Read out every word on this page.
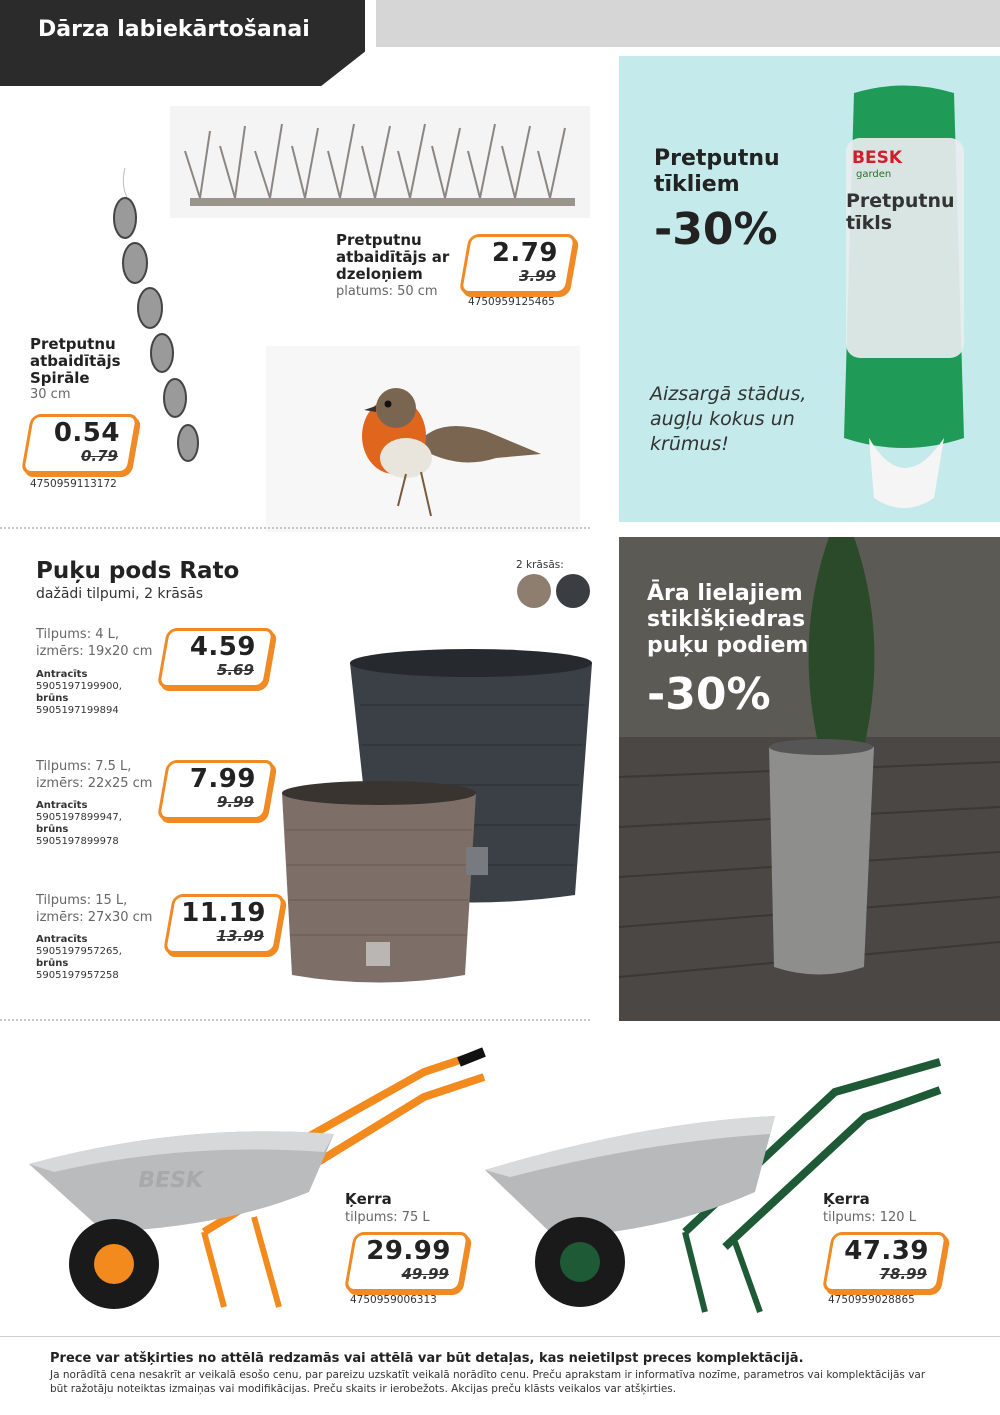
Dārza labiekārtošanai
Pretputnu atbaidītājs ar dzeloņiem
platums: 50 cm
2.79
3.99
4750959125465
Pretputnu atbaidītājs Spirāle
30 cm
0.54
0.79
4750959113172
Pretputnu tīkliem
-30%
Aizsargā stādus, augļu kokus un krūmus!
BESK
garden
Pretputnu tīkls
Puķu pods Rato
dažādi tilpumi, 2 krāsās
2 krāsās:
Tilpums: 4 L,
izmērs: 19x20 cm
Antracīts
5905197199900,
brūns
5905197199894
4.59
5.69
Tilpums: 7.5 L,
izmērs: 22x25 cm
Antracīts
5905197899947,
brūns
5905197899978
7.99
9.99
Tilpums: 15 L,
izmērs: 27x30 cm
Antracīts
5905197957265,
brūns
5905197957258
11.19
13.99
Āra lielajiem stiklšķiedras puķu podiem
-30%
BESK
Ķerra
tilpums: 75 L
29.99
49.99
4750959006313
Ķerra
tilpums: 120 L
47.39
78.99
4750959028865
Prece var atšķirties no attēlā redzamās vai attēlā var būt detaļas, kas neietilpst preces komplektācijā.
Ja norādītā cena nesakrīt ar veikalā esošo cenu, par pareizu uzskatīt veikalā norādīto cenu. Preču aprakstam ir informatīva nozīme, parametros vai komplektācijās var būt ražotāju noteiktas izmaiņas vai modifikācijas. Preču skaits ir ierobežots. Akcijas preču klāsts veikalos var atšķirties.
